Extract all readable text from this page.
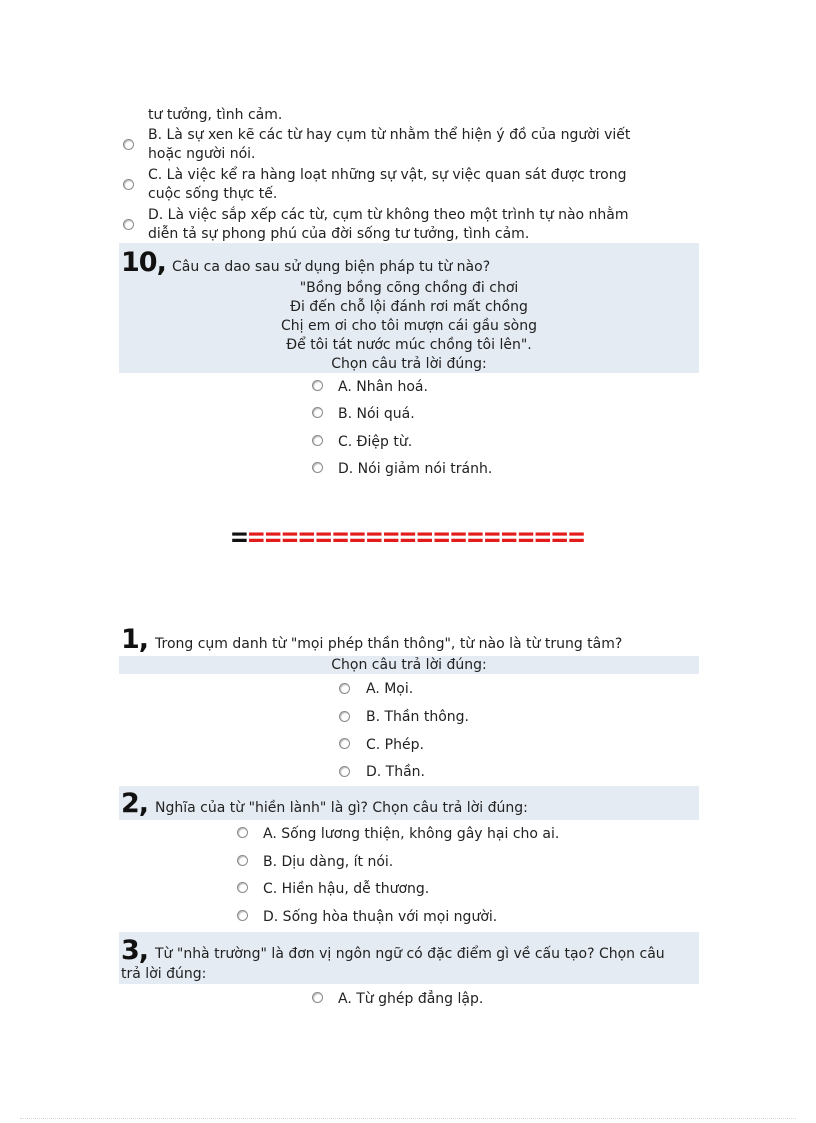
tư tưởng, tình cảm.
B. Là sự xen kẽ các từ hay cụm từ nhằm thể hiện ý đồ của người viết
hoặc người nói.
C. Là việc kể ra hàng loạt những sự vật, sự việc quan sát được trong
cuộc sống thực tế.
D. Là việc sắp xếp các từ, cụm từ không theo một trình tự nào nhằm
diễn tả sự phong phú của đời sống tư tưởng, tình cảm.
10, Câu ca dao sau sử dụng biện pháp tu từ nào?
"Bồng bồng cõng chồng đi chơi
Đi đến chỗ lội đánh rơi mất chồng
Chị em ơi cho tôi mượn cái gầu sòng
Để tôi tát nước múc chồng tôi lên".
Chọn câu trả lời đúng:
A. Nhân hoá.
B. Nói quá.
C. Điệp từ.
D. Nói giảm nói tránh.
=====================
1, Trong cụm danh từ "mọi phép thần thông", từ nào là từ trung tâm?
Chọn câu trả lời đúng:
A. Mọi.
B. Thần thông.
C. Phép.
D. Thần.
2, Nghĩa của từ "hiền lành" là gì? Chọn câu trả lời đúng:
A. Sống lương thiện, không gây hại cho ai.
B. Dịu dàng, ít nói.
C. Hiền hậu, dễ thương.
D. Sống hòa thuận với mọi người.
3, Từ "nhà trường" là đơn vị ngôn ngữ có đặc điểm gì về cấu tạo? Chọn câu
trả lời đúng:
A. Từ ghép đẳng lập.
